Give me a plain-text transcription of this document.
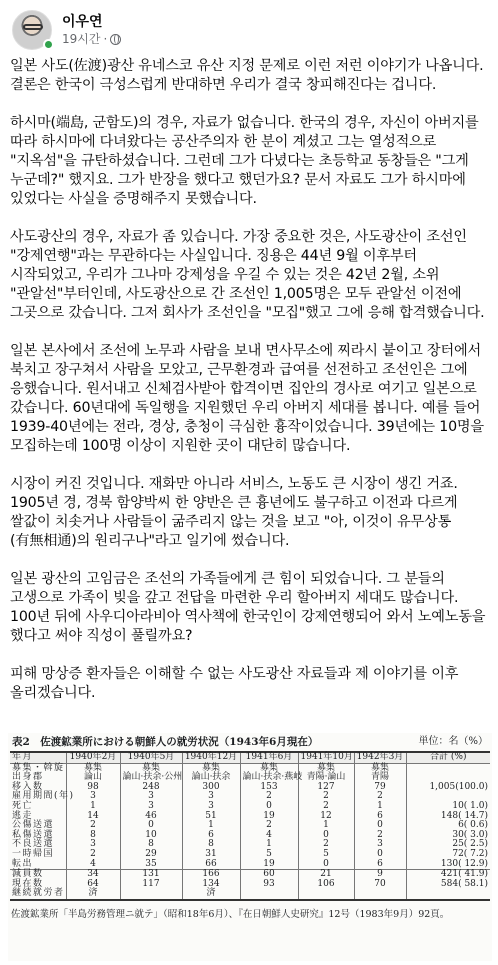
이우연
19시간 ·

일본 사도(佐渡)광산 유네스코 유산 지정 문제로 이런 저런 이야기가 나옵니다. 결론은 한국이 극성스럽게 반대하면 우리가 결국 창피해진다는 겁니다.

하시마(端島, 군함도)의 경우, 자료가 없습니다. 한국의 경우, 자신이 아버지를 따라 하시마에 다녀왔다는 공산주의자 한 분이 계셨고 그는 열성적으로 "지옥섬"을 규탄하셨습니다. 그런데 그가 다녔다는 초등학교 동창들은 "그게 누군데?" 했지요. 그가 반장을 했다고 했던가요? 문서 자료도 그가 하시마에 있었다는 사실을 증명해주지 못했습니다.

사도광산의 경우, 자료가 좀 있습니다. 가장 중요한 것은, 사도광산이 조선인 "강제연행"과는 무관하다는 사실입니다. 징용은 44년 9월 이후부터 시작되었고, 우리가 그나마 강제성을 우길 수 있는 것은 42년 2월, 소위 "관알선"부터인데, 사도광산으로 간 조선인 1,005명은 모두 관알선 이전에 그곳으로 갔습니다. 그저 회사가 조선인을 "모집"했고 그에 응해 합격했습니다.

일본 본사에서 조선에 노무과 사람을 보내 면사무소에 찌라시 붙이고 장터에서 북치고 장구쳐서 사람을 모았고, 근무환경과 급여를 선전하고 조선인은 그에 응했습니다. 원서내고 신체검사받아 합격이면 집안의 경사로 여기고 일본으로 갔습니다. 60년대에 독일행을 지원했던 우리 아버지 세대를 봅니다. 예를 들어 1939-40년에는 전라, 경상, 충청이 극심한 흉작이었습니다. 39년에는 10명을 모집하는데 100명 이상이 지원한 곳이 대단히 많습니다.

시장이 커진 것입니다. 재화만 아니라 서비스, 노동도 큰 시장이 생긴 거죠. 1905년 경, 경북 함양박씨 한 양반은 큰 흉년에도 불구하고 이전과 다르게 쌀값이 치솟거나 사람들이 굶주리지 않는 것을 보고 "아, 이것이 유무상통(有無相通)의 원리구나"라고 일기에 썼습니다.

일본 광산의 고임금은 조선의 가족들에게 큰 힘이 되었습니다. 그 분들의 고생으로 가족이 빚을 갚고 전답을 마련한 우리 할아버지 세대도 많습니다. 100년 뒤에 사우디아라비아 역사책에 한국인이 강제연행되어 와서 노예노동을 했다고 써야 직성이 풀릴까요?

피해 망상증 환자들은 이해할 수 없는 사도광산 자료들과 제 이야기를 이후 올리겠습니다.

表2　佐渡鉱業所における朝鮮人の就労状況（1943年6月現在）	単位：名（%）
年月	1940年2月	1940年5月	1940年12月	1941年6月	1941年10月	1942年3月	合計 (%)
募集・斡旋	募集	募集	募集	募集	募集	募集	
出身郡	論山	論山·扶余·公州	論山·扶余	論山·扶余·燕岐	青陽·論山	青陽	
移入数	98	248	300	153	127	79	1,005(100.0)
雇用期間(年)	3	3	3	2	2	2	
死亡	1	3	3	0	2	1	10( 1.0)
逃走	14	46	51	19	12	6	148( 14.7)
公傷送還	2	0	1	2	1	0	6( 0.6)
私傷送還	8	10	6	4	0	2	30( 3.0)
不良送還	3	8	8	1	2	3	25( 2.5)
一時帰国	2	29	31	5	5	0	72( 7.2)
転出	4	35	66	19	0	6	130( 12.9)
減員数	34	131	166	60	21	9	421( 41.9)
現在数	64	117	134	93	106	70	584( 58.1)
継続就労者	済		済				
佐渡鉱業所「半島労務管理ニ就テ」（昭和18年6月）、『在日朝鮮人史研究』12号（1983年9月）92頁。
